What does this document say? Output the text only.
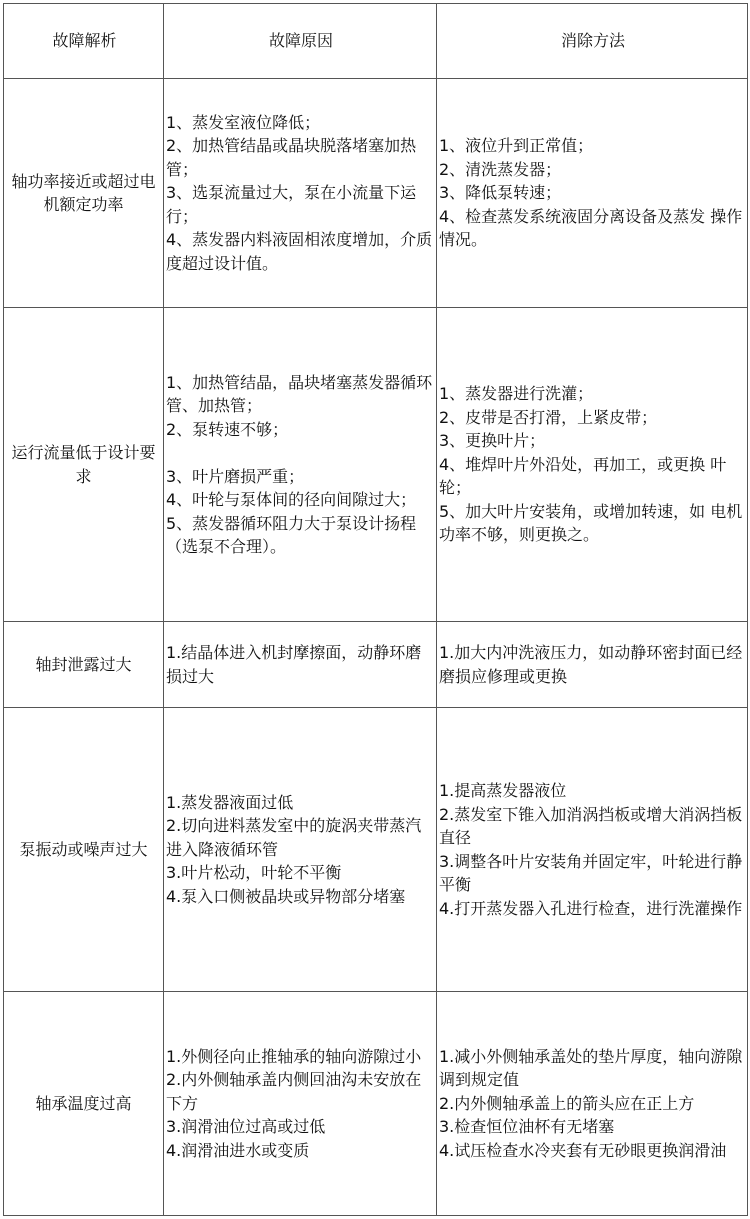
故障解析	故障原因	消除方法
轴功率接近或超过电机额定功率	1、蒸发室液位降低；
2、加热管结晶或晶块脱落堵塞加热管；
3、选泵流量过大，泵在小流量下运行；
4、蒸发器内料液固相浓度增加，介质 度超过设计值。	1、液位升到正常值；
2、清洗蒸发器；
3、降低泵转速；
4、检查蒸发系统液固分离设备及蒸发 操作情况。

运行流量低于设计要求	1、加热管结晶，晶块堵塞蒸发器循环 管、加热管；
2、泵转速不够；
3、叶片磨损严重；
4、叶轮与泵体间的径向间隙过大；
5、蒸发器循环阻力大于泵设计扬程 （选泵不合理）。	1、蒸发器进行洗灌；
2、皮带是否打滑，上紧皮带；
3、更换叶片；
4、堆焊叶片外沿处，再加工，或更换 叶轮；
5、加大叶片安装角，或增加转速，如 电机功率不够，则更换之。

轴封泄露过大	1.结晶体进入机封摩擦面，动静环磨损过大	1.加大内冲洗液压力，如动静环密封面已经磨损应修理或更换

泵振动或噪声过大	1.蒸发器液面过低
2.切向进料蒸发室中的旋涡夹带蒸汽进入降液循环管
3.叶片松动，叶轮不平衡
4.泵入口侧被晶块或异物部分堵塞	1.提高蒸发器液位
2.蒸发室下锥入加消涡挡板或增大消涡挡板直径
3.调整各叶片安装角并固定牢，叶轮进行静平衡
4.打开蒸发器入孔进行检查，进行洗灌操作

轴承温度过高	1.外侧径向止推轴承的轴向游隙过小
2.内外侧轴承盖内侧回油沟未安放在下方
3.润滑油位过高或过低
4.润滑油进水或变质	1.减小外侧轴承盖处的垫片厚度，轴向游隙调到规定值
2.内外侧轴承盖上的箭头应在正上方
3.检查恒位油杯有无堵塞
4.试压检查水冷夹套有无砂眼更换润滑油
